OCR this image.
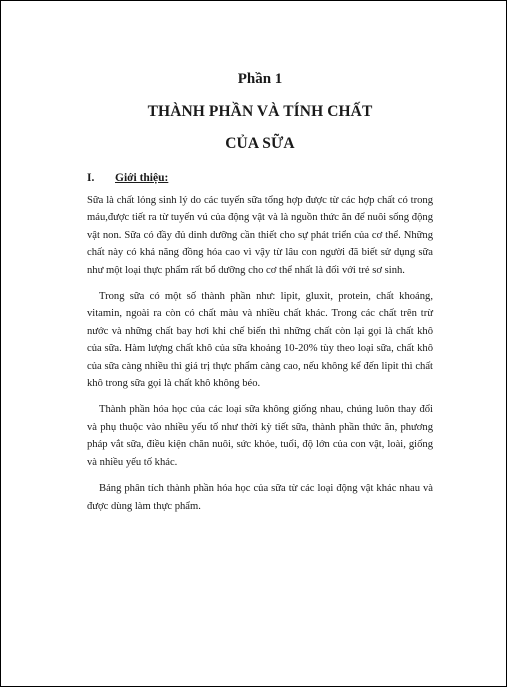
Phần 1
THÀNH PHẦN VÀ TÍNH CHẤT
CỦA SỮA
I.	Giới thiệu:

Sữa là chất lỏng sinh lý do các tuyến sữa tổng hợp được từ các hợp chất có trong máu,được tiết ra từ tuyến vú của động vật và là nguồn thức ăn để nuôi sống động vật non. Sữa có đầy đủ dinh dưỡng cần thiết cho sự phát triển của cơ thể. Những chất này có khả năng đồng hóa cao vì vậy từ lâu con người đã biết sử dụng sữa như một loại thực phẩm rất bổ dưỡng cho cơ thể nhất là đối với trẻ sơ sinh.

Trong sữa có một số thành phần như: lipit, gluxit, protein, chất khoáng, vitamin, ngoài ra còn có chất màu và nhiều chất khác. Trong các chất trên trừ nước và những chất bay hơi khi chế biến thì những chất còn lại gọi là chất khô của sữa. Hàm lượng chất khô của sữa khoảng 10-20% tùy theo loại sữa, chất khô của sữa càng nhiều thì giá trị thực phẩm càng cao, nếu không kể đến lipit thì chất khô trong sữa gọi là chất khô không béo.

Thành phần hóa học của các loại sữa không giống nhau, chúng luôn thay đổi và phụ thuộc vào nhiều yếu tố như thời kỳ tiết sữa, thành phần thức ăn, phương pháp vắt sữa, điều kiện chăn nuôi, sức khỏe, tuổi, độ lớn của con vật, loài, giống và nhiều yếu tố khác.

Bảng phân tích thành phần hóa học của sữa từ các loại động vật khác nhau và được dùng làm thực phẩm.
